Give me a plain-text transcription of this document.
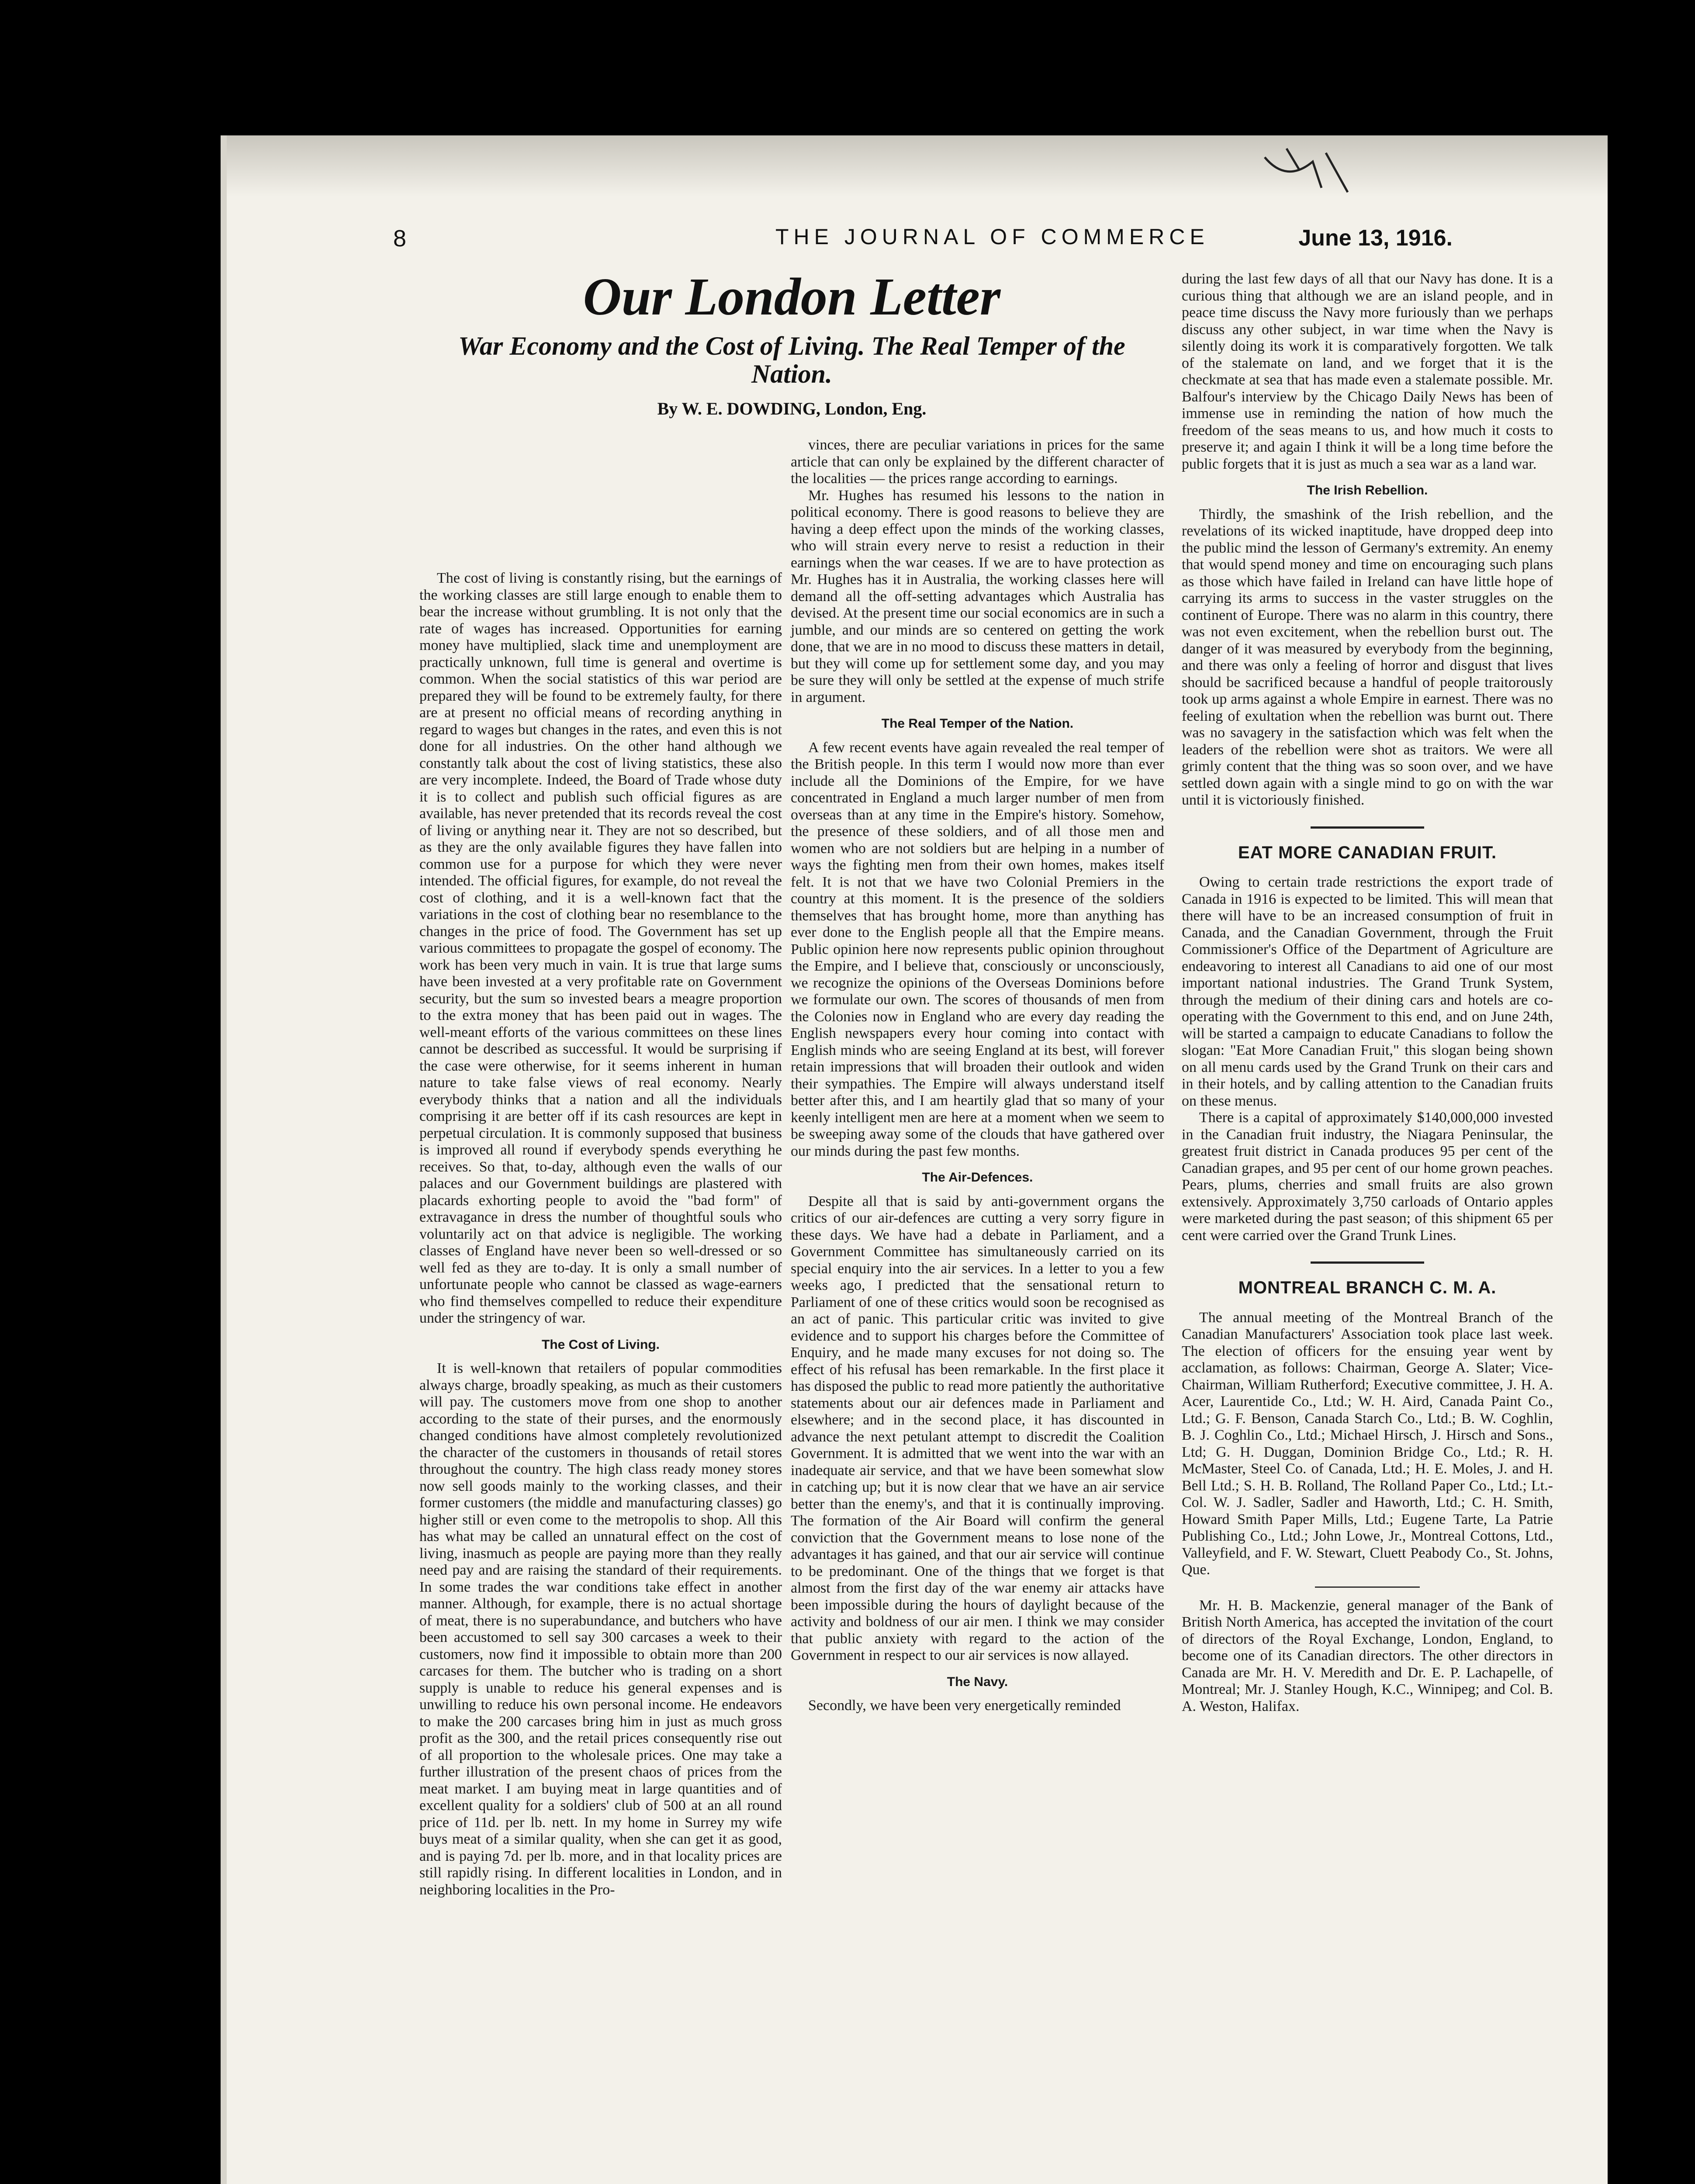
8	THE JOURNAL OF COMMERCE	June 13, 1916.
Our London Letter
War Economy and the Cost of Living. The Real Temper of the Nation.
By W. E. DOWDING, London, Eng.

The cost of living is constantly rising, but the earnings of the working classes are still large enough to enable them to bear the increase without grumbling. It is not only that the rate of wages has increased. Opportunities for earning money have multiplied, slack time and unemployment are practically unknown, full time is general and overtime is common. When the social statistics of this war period are prepared they will be found to be extremely faulty, for there are at present no official means of recording anything in regard to wages but changes in the rates, and even this is not done for all industries. On the other hand although we constantly talk about the cost of living statistics, these also are very incomplete. Indeed, the Board of Trade whose duty it is to collect and publish such official figures as are available, has never pretended that its records reveal the cost of living or anything near it. They are not so described, but as they are the only available figures they have fallen into common use for a purpose for which they were never intended. The official figures, for example, do not reveal the cost of clothing, and it is a well-known fact that the variations in the cost of clothing bear no resemblance to the changes in the price of food. The Government has set up various committees to propagate the gospel of economy. The work has been very much in vain. It is true that large sums have been invested at a very profitable rate on Government security, but the sum so invested bears a meagre proportion to the extra money that has been paid out in wages. The well-meant efforts of the various committees on these lines cannot be described as successful. It would be surprising if the case were otherwise, for it seems inherent in human nature to take false views of real economy. Nearly everybody thinks that a nation and all the individuals comprising it are better off if its cash resources are kept in perpetual circulation. It is commonly supposed that business is improved all round if everybody spends everything he receives. So that, to-day, although even the walls of our palaces and our Government buildings are plastered with placards exhorting people to avoid the "bad form" of extravagance in dress the number of thoughtful souls who voluntarily act on that advice is negligible. The working classes of England have never been so well-dressed or so well fed as they are to-day. It is only a small number of unfortunate people who cannot be classed as wage-earners who find themselves compelled to reduce their expenditure under the stringency of war.

The Cost of Living.

It is well-known that retailers of popular commodities always charge, broadly speaking, as much as their customers will pay. The customers move from one shop to another according to the state of their purses, and the enormously changed conditions have almost completely revolutionized the character of the customers in thousands of retail stores throughout the country. The high class ready money stores now sell goods mainly to the working classes, and their former customers (the middle and manufacturing classes) go higher still or even come to the metropolis to shop. All this has what may be called an unnatural effect on the cost of living, inasmuch as people are paying more than they really need pay and are raising the standard of their requirements. In some trades the war conditions take effect in another manner. Although, for example, there is no actual shortage of meat, there is no superabundance, and butchers who have been accustomed to sell say 300 carcases a week to their customers, now find it impossible to obtain more than 200 carcases for them. The butcher who is trading on a short supply is unable to reduce his general expenses and is unwilling to reduce his own personal income. He endeavors to make the 200 carcases bring him in just as much gross profit as the 300, and the retail prices consequently rise out of all proportion to the wholesale prices. One may take a further illustration of the present chaos of prices from the meat market. I am buying meat in large quantities and of excellent quality for a soldiers' club of 500 at an all round price of 11d. per lb. nett. In my home in Surrey my wife buys meat of a similar quality, when she can get it as good, and is paying 7d. per lb. more, and in that locality prices are still rapidly rising. In different localities in London, and in neighboring localities in the Pro-

vinces, there are peculiar variations in prices for the same article that can only be explained by the different character of the localities — the prices range according to earnings.

Mr. Hughes has resumed his lessons to the nation in political economy. There is good reasons to believe they are having a deep effect upon the minds of the working classes, who will strain every nerve to resist a reduction in their earnings when the war ceases. If we are to have protection as Mr. Hughes has it in Australia, the working classes here will demand all the off-setting advantages which Australia has devised. At the present time our social economics are in such a jumble, and our minds are so centered on getting the work done, that we are in no mood to discuss these matters in detail, but they will come up for settlement some day, and you may be sure they will only be settled at the expense of much strife in argument.

The Real Temper of the Nation.

A few recent events have again revealed the real temper of the British people. In this term I would now more than ever include all the Dominions of the Empire, for we have concentrated in England a much larger number of men from overseas than at any time in the Empire's history. Somehow, the presence of these soldiers, and of all those men and women who are not soldiers but are helping in a number of ways the fighting men from their own homes, makes itself felt. It is not that we have two Colonial Premiers in the country at this moment. It is the presence of the soldiers themselves that has brought home, more than anything has ever done to the English people all that the Empire means. Public opinion here now represents public opinion throughout the Empire, and I believe that, consciously or unconsciously, we recognize the opinions of the Overseas Dominions before we formulate our own. The scores of thousands of men from the Colonies now in England who are every day reading the English newspapers every hour coming into contact with English minds who are seeing England at its best, will forever retain impressions that will broaden their outlook and widen their sympathies. The Empire will always understand itself better after this, and I am heartily glad that so many of your keenly intelligent men are here at a moment when we seem to be sweeping away some of the clouds that have gathered over our minds during the past few months.

The Air-Defences.

Despite all that is said by anti-government organs the critics of our air-defences are cutting a very sorry figure in these days. We have had a debate in Parliament, and a Government Committee has simultaneously carried on its special enquiry into the air services. In a letter to you a few weeks ago, I predicted that the sensational return to Parliament of one of these critics would soon be recognised as an act of panic. This particular critic was invited to give evidence and to support his charges before the Committee of Enquiry, and he made many excuses for not doing so. The effect of his refusal has been remarkable. In the first place it has disposed the public to read more patiently the authoritative statements about our air defences made in Parliament and elsewhere; and in the second place, it has discounted in advance the next petulant attempt to discredit the Coalition Government. It is admitted that we went into the war with an inadequate air service, and that we have been somewhat slow in catching up; but it is now clear that we have an air service better than the enemy's, and that it is continually improving. The formation of the Air Board will confirm the general conviction that the Government means to lose none of the advantages it has gained, and that our air service will continue to be predominant. One of the things that we forget is that almost from the first day of the war enemy air attacks have been impossible during the hours of daylight because of the activity and boldness of our air men. I think we may consider that public anxiety with regard to the action of the Government in respect to our air services is now allayed.

The Navy.

Secondly, we have been very energetically reminded

during the last few days of all that our Navy has done. It is a curious thing that although we are an island people, and in peace time discuss the Navy more furiously than we perhaps discuss any other subject, in war time when the Navy is silently doing its work it is comparatively forgotten. We talk of the stalemate on land, and we forget that it is the checkmate at sea that has made even a stalemate possible. Mr. Balfour's interview by the Chicago Daily News has been of immense use in reminding the nation of how much the freedom of the seas means to us, and how much it costs to preserve it; and again I think it will be a long time before the public forgets that it is just as much a sea war as a land war.

The Irish Rebellion.

Thirdly, the smashink of the Irish rebellion, and the revelations of its wicked inaptitude, have dropped deep into the public mind the lesson of Germany's extremity. An enemy that would spend money and time on encouraging such plans as those which have failed in Ireland can have little hope of carrying its arms to success in the vaster struggles on the continent of Europe. There was no alarm in this country, there was not even excitement, when the rebellion burst out. The danger of it was measured by everybody from the beginning, and there was only a feeling of horror and disgust that lives should be sacrificed because a handful of people traitorously took up arms against a whole Empire in earnest. There was no feeling of exultation when the rebellion was burnt out. There was no savagery in the satisfaction which was felt when the leaders of the rebellion were shot as traitors. We were all grimly content that the thing was so soon over, and we have settled down again with a single mind to go on with the war until it is victoriously finished.

EAT MORE CANADIAN FRUIT.

Owing to certain trade restrictions the export trade of Canada in 1916 is expected to be limited. This will mean that there will have to be an increased consumption of fruit in Canada, and the Canadian Government, through the Fruit Commissioner's Office of the Department of Agriculture are endeavoring to interest all Canadians to aid one of our most important national industries. The Grand Trunk System, through the medium of their dining cars and hotels are co-operating with the Government to this end, and on June 24th, will be started a campaign to educate Canadians to follow the slogan: "Eat More Canadian Fruit," this slogan being shown on all menu cards used by the Grand Trunk on their cars and in their hotels, and by calling attention to the Canadian fruits on these menus.

There is a capital of approximately $140,000,000 invested in the Canadian fruit industry, the Niagara Peninsular, the greatest fruit district in Canada produces 95 per cent of the Canadian grapes, and 95 per cent of our home grown peaches. Pears, plums, cherries and small fruits are also grown extensively. Approximately 3,750 carloads of Ontario apples were marketed during the past season; of this shipment 65 per cent were carried over the Grand Trunk Lines.

MONTREAL BRANCH C. M. A.

The annual meeting of the Montreal Branch of the Canadian Manufacturers' Association took place last week. The election of officers for the ensuing year went by acclamation, as follows: Chairman, George A. Slater; Vice-Chairman, William Rutherford; Executive committee, J. H. A. Acer, Laurentide Co., Ltd.; W. H. Aird, Canada Paint Co., Ltd.; G. F. Benson, Canada Starch Co., Ltd.; B. W. Coghlin, B. J. Coghlin Co., Ltd.; Michael Hirsch, J. Hirsch and Sons., Ltd; G. H. Duggan, Dominion Bridge Co., Ltd.; R. H. McMaster, Steel Co. of Canada, Ltd.; H. E. Moles, J. and H. Bell Ltd.; S. H. B. Rolland, The Rolland Paper Co., Ltd.; Lt.-Col. W. J. Sadler, Sadler and Haworth, Ltd.; C. H. Smith, Howard Smith Paper Mills, Ltd.; Eugene Tarte, La Patrie Publishing Co., Ltd.; John Lowe, Jr., Montreal Cottons, Ltd., Valleyfield, and F. W. Stewart, Cluett Peabody Co., St. Johns, Que.

Mr. H. B. Mackenzie, general manager of the Bank of British North America, has accepted the invitation of the court of directors of the Royal Exchange, London, England, to become one of its Canadian directors. The other directors in Canada are Mr. H. V. Meredith and Dr. E. P. Lachapelle, of Montreal; Mr. J. Stanley Hough, K.C., Winnipeg; and Col. B. A. Weston, Halifax.
